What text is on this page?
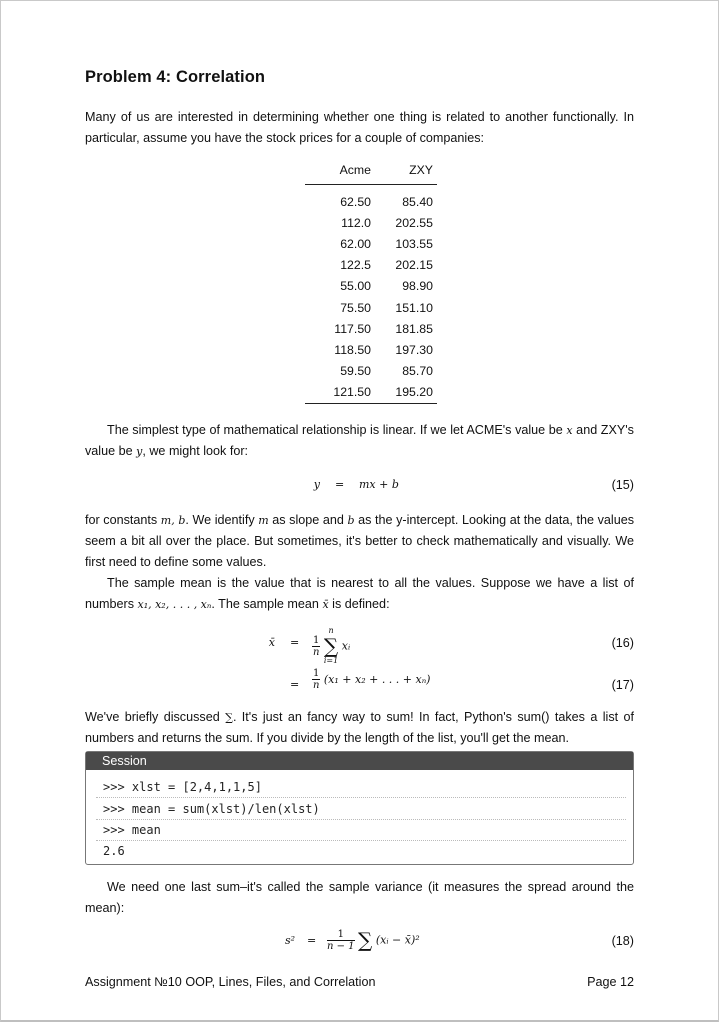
Problem 4: Correlation

Many of us are interested in determining whether one thing is related to another functionally. In particular, assume you have the stock prices for a couple of companies:

Acme	ZXY
62.50	85.40
112.0	202.55
62.00	103.55
122.5	202.15
55.00	98.90
75.50	151.10
117.50	181.85
118.50	197.30
59.50	85.70
121.50	195.20

The simplest type of mathematical relationship is linear. If we let ACME's value be x and ZXY's value be y, we might look for:

y = mx + b	(15)

for constants m, b. We identify m as slope and b as the y-intercept. Looking at the data, the values seem a bit all over the place. But sometimes, it's better to check mathematically and visually. We first need to define some values.

The sample mean is the value that is nearest to all the values. Suppose we have a list of numbers x₁, x₂, . . . , xₙ. The sample mean x̄ is defined:

x̄ = $\frac{1}{n}$

n
∑
i=1
xᵢ	(16)
= $\frac{1}{n} (x_1 + x_2$ + . . . + xₙ)	(17)

We've briefly discussed ∑. It's just an fancy way to sum! In fact, Python's sum() takes a list of numbers and returns the sum. If you divide by the length of the list, you'll get the mean.

Session
>>> xlst = [2,4,1,1,5]
>>> mean = sum(xlst)/len(xlst)
>>> mean
2.6

We need one last sum–it's called the sample variance (it measures the spread around the mean):

$s^2 = \frac{1}{n - 1}$ ∑ (xᵢ − x̄)²	(18)
Assignment №10 OOP, Lines, Files, and Correlation	Page 12
